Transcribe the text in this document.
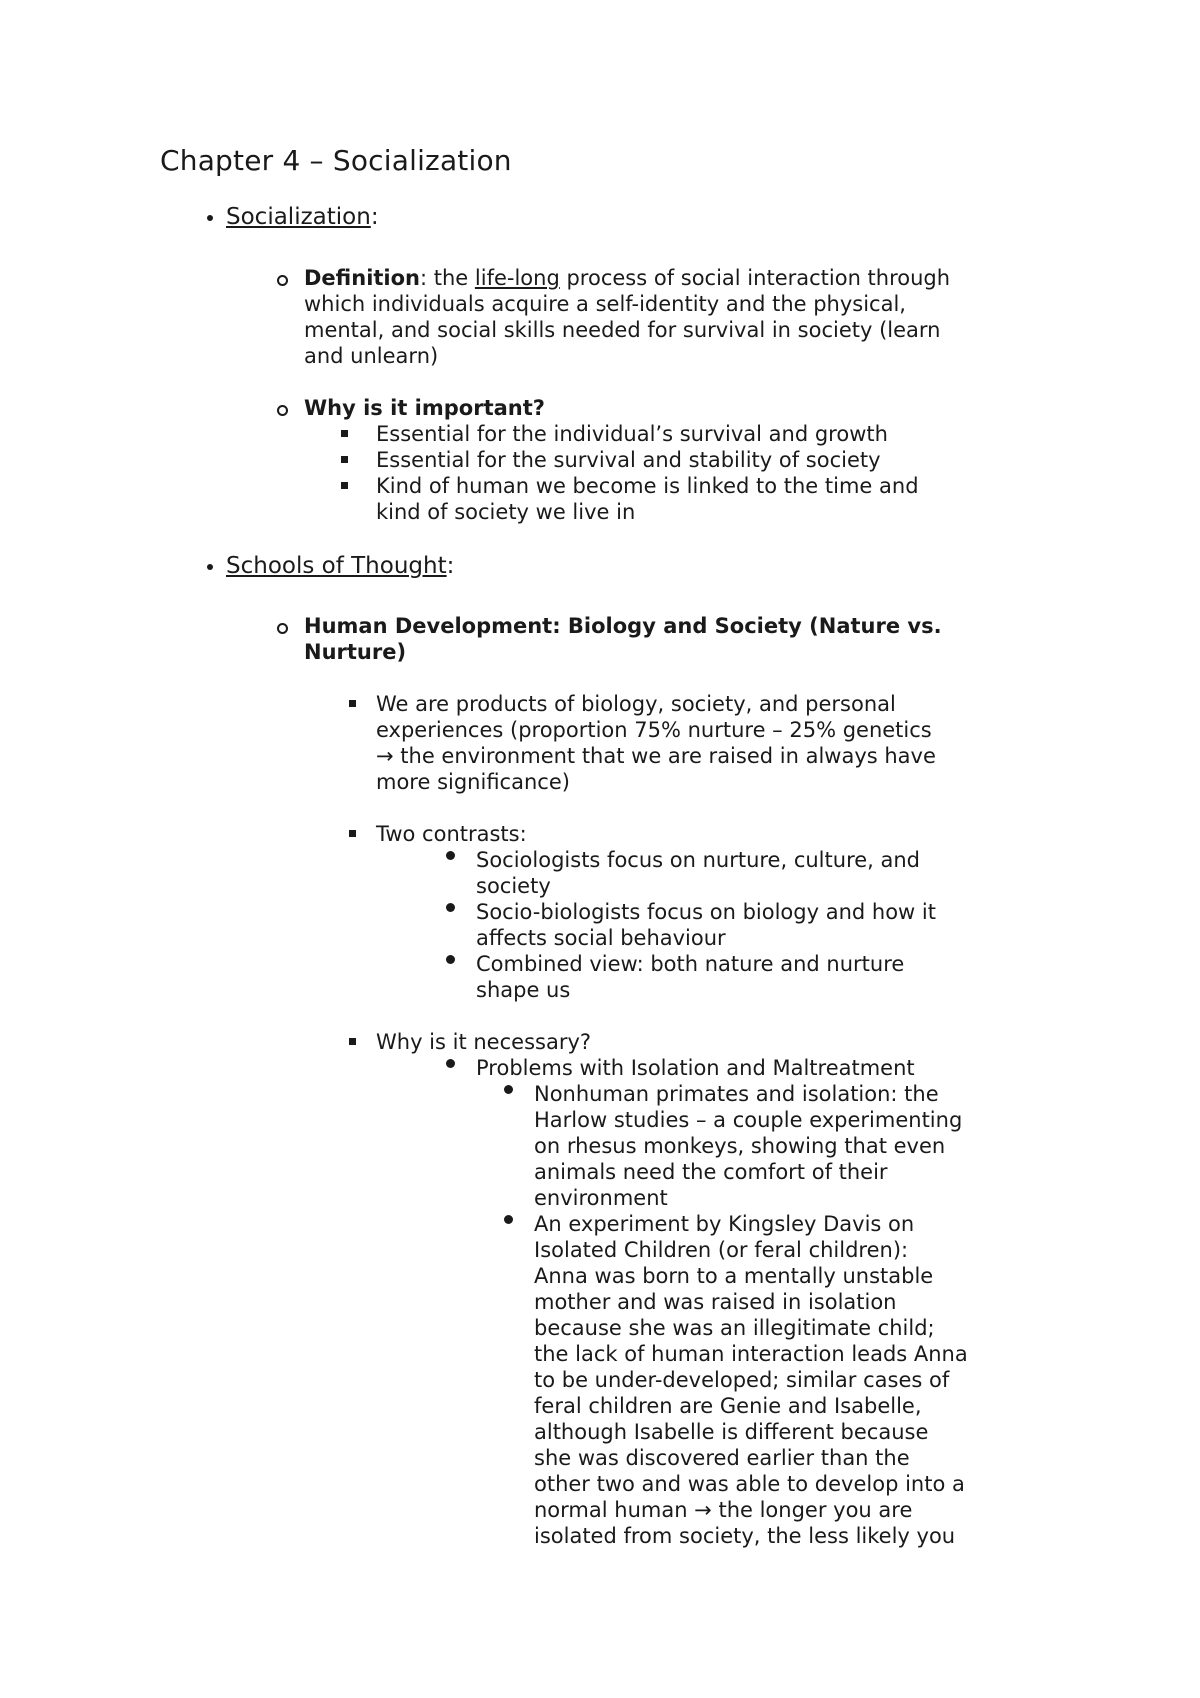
Chapter 4 – Socialization
Socialization:
Definition: the life-long process of social interaction through
which individuals acquire a self-identity and the physical,
mental, and social skills needed for survival in society (learn
and unlearn)
Why is it important?
Essential for the individual’s survival and growth
Essential for the survival and stability of society
Kind of human we become is linked to the time and
kind of society we live in
Schools of Thought:
Human Development: Biology and Society (Nature vs.
Nurture)
We are products of biology, society, and personal
experiences (proportion 75% nurture – 25% genetics
→ the environment that we are raised in always have
more significance)
Two contrasts:
Sociologists focus on nurture, culture, and
society
Socio-biologists focus on biology and how it
affects social behaviour
Combined view: both nature and nurture
shape us
Why is it necessary?
Problems with Isolation and Maltreatment
Nonhuman primates and isolation: the
Harlow studies – a couple experimenting
on rhesus monkeys, showing that even
animals need the comfort of their
environment
An experiment by Kingsley Davis on
Isolated Children (or feral children):
Anna was born to a mentally unstable
mother and was raised in isolation
because she was an illegitimate child;
the lack of human interaction leads Anna
to be under-developed; similar cases of
feral children are Genie and Isabelle,
although Isabelle is different because
she was discovered earlier than the
other two and was able to develop into a
normal human → the longer you are
isolated from society, the less likely you
